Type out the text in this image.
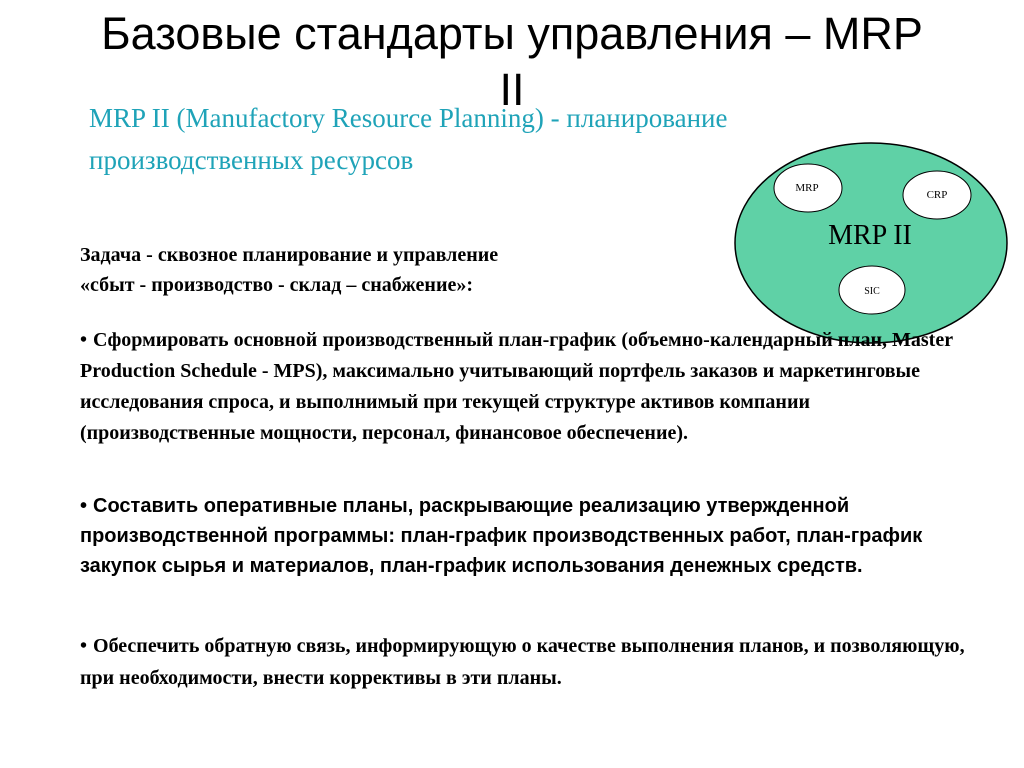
Базовые стандарты управления – MRP
II
MRP II (Manufactory Resource Planning) - планирование производственных ресурсов
MRP II
MRP
CRP
SIC
Задача - сквозное планирование и управление
«сбыт - производство - склад – снабжение»:
• Сформировать основной производственный план-график (объемно-календарный план, Master Production Schedule - MPS), максимально учитывающий портфель заказов и маркетинговые исследования спроса, и выполнимый при текущей структуре активов компании (производственные мощности, персонал, финансовое обеспечение).
• Составить оперативные планы, раскрывающие реализацию утвержденной производственной программы: план-график производственных работ, план-график закупок сырья и материалов, план-график использования денежных средств.
• Обеспечить обратную связь, информирующую о качестве выполнения планов, и позволяющую, при необходимости, внести коррективы в эти планы.
